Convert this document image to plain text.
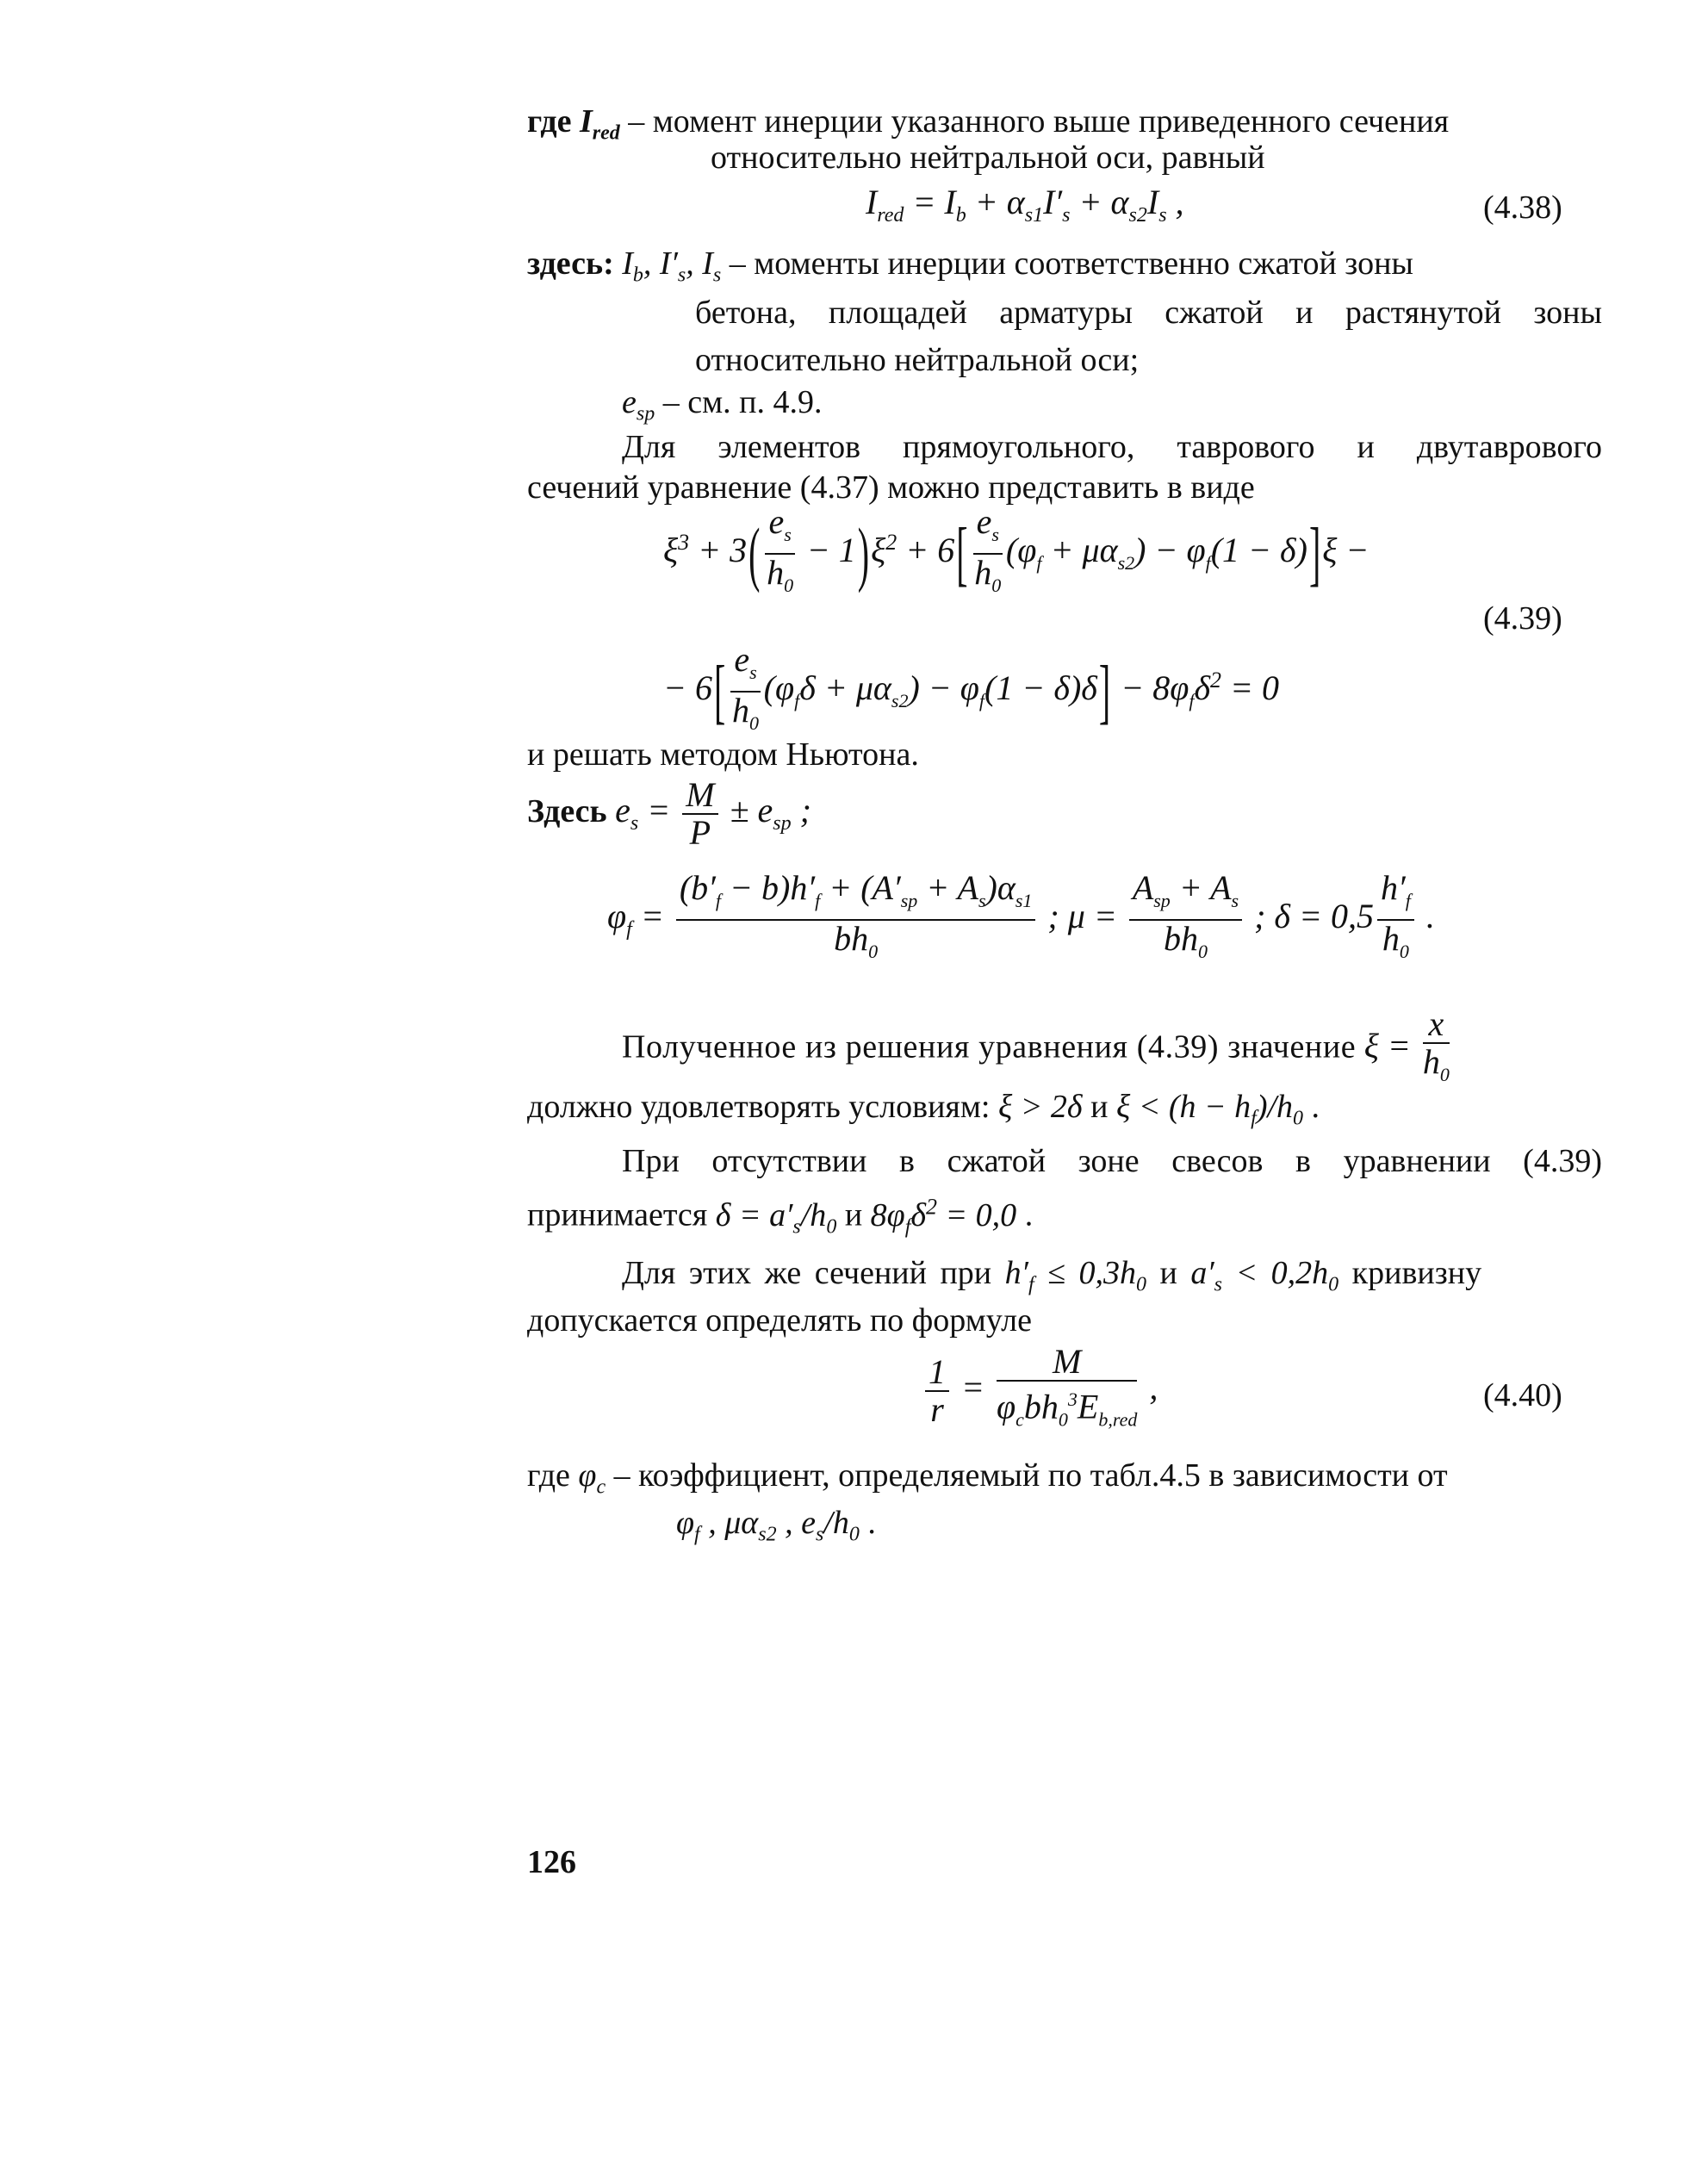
где $I_{red}$ – момент инерции указанного выше приведенного сечения
относительно нейтральной оси, равный
$I_{red} = I_b + \alpha_{s1}I'_s + \alpha_{s2}I_s$ ,	(4.38)
здесь: $I_b$, $I'_s$, $I_s$ – моменты инерции соответственно сжатой зоны
бетона, площадей арматуры сжатой и растянутой зоны
относительно нейтральной оси;
$e_{sp}$ – см. п. 4.9.
Для элементов прямоугольного, таврового и двутаврового
сечений уравнение (4.37) можно представить в виде
$\xi^3 + 3( \frac{e_s}{h_0} - 1)\xi^2 + 6[ \frac{e_s}{h_0} (\varphi_f + \mu\alpha_{s2}) - \varphi_f(1 - \delta)]\xi$ −
(4.39)
− $6[ \frac{e_s}{h_0} (\varphi_f\delta + \mu\alpha_{s2}) - \varphi_f(1 - \delta)\delta] - 8\varphi_f\delta^2 = 0$
и решать методом Ньютона.
Здесь $e_s = \frac{M}{P} \pm e_{sp}$ ;
$\varphi_f = \frac{(b'_f - b)h'_f + (A'_{sp} + A_s)\alpha_{s1}}{bh_0}$ ; $\mu = \frac{A_{sp} + A_s}{bh_0}$ ; $\delta = 0,5 \frac{h'_f}{h_0}$ .
Полученное из решения уравнения (4.39) значение $\xi = \frac{x}{h_0}$
должно удовлетворять условиям: ξ > 2δ и $\xi < (h - h_f)/h_0$ .
При отсутствии в сжатой зоне свесов в уравнении (4.39)
принимается $\delta = a'_s/h_0$ и $8\varphi_f\delta^2 = 0,0$ .
Для этих же сечений при $h'_f \le 0,3h_0$ и $a'_s < 0,2h_0$ кривизну
допускается определять по формуле
$\frac{1}{r} = \frac{M}{\varphi_cbh_0^3E_{b,red}}$ ,	(4.40)
где $\varphi_c$ – коэффициент, определяемый по табл.4.5 в зависимости от
$\varphi_f$ , $\mu\alpha_{s2}$ , $e_s/h_0$ .
126
